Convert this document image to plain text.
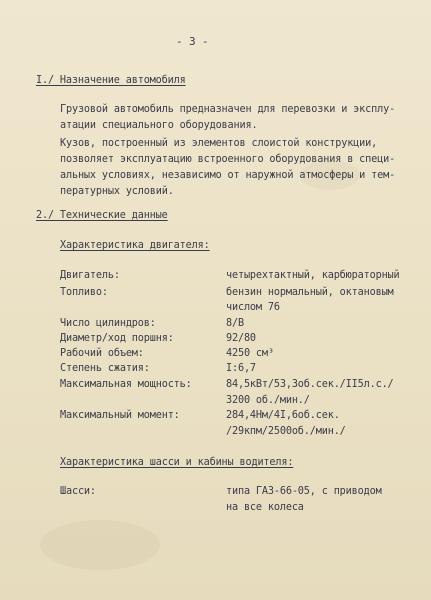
- 3 -
I./ Назначение автомобиля
Грузовой автомобиль предназначен для перевозки и эксплу-
атации специального оборудования.
Кузов, построенный из элементов слоистой конструкции,
позволяет эксплуатацию встроенного оборудования в специ-
альных условиях, независимо от наружной атмосферы и тем-
пературных условий.
2./ Технические данные
Характеристика двигателя:
Двигатель:	четырехтактный, карбюраторный
Топливо:	бензин нормальный, октановым
числом 76
Число цилиндров:	8/В
Диаметр/ход поршня:	92/80
Рабочий объем:	4250 см³
Степень сжатия:	I:6,7
Максимальная мощность:	84,5кВт/53,3об.сек./II5л.с./
3200 об./мин./
Максимальный момент:	284,4Нм/4I,6об.сек.
/29кпм/2500об./мин./
Характеристика шасси и кабины водителя:
Шасси:	типа ГАЗ-66-05, с приводом
на все колеса
